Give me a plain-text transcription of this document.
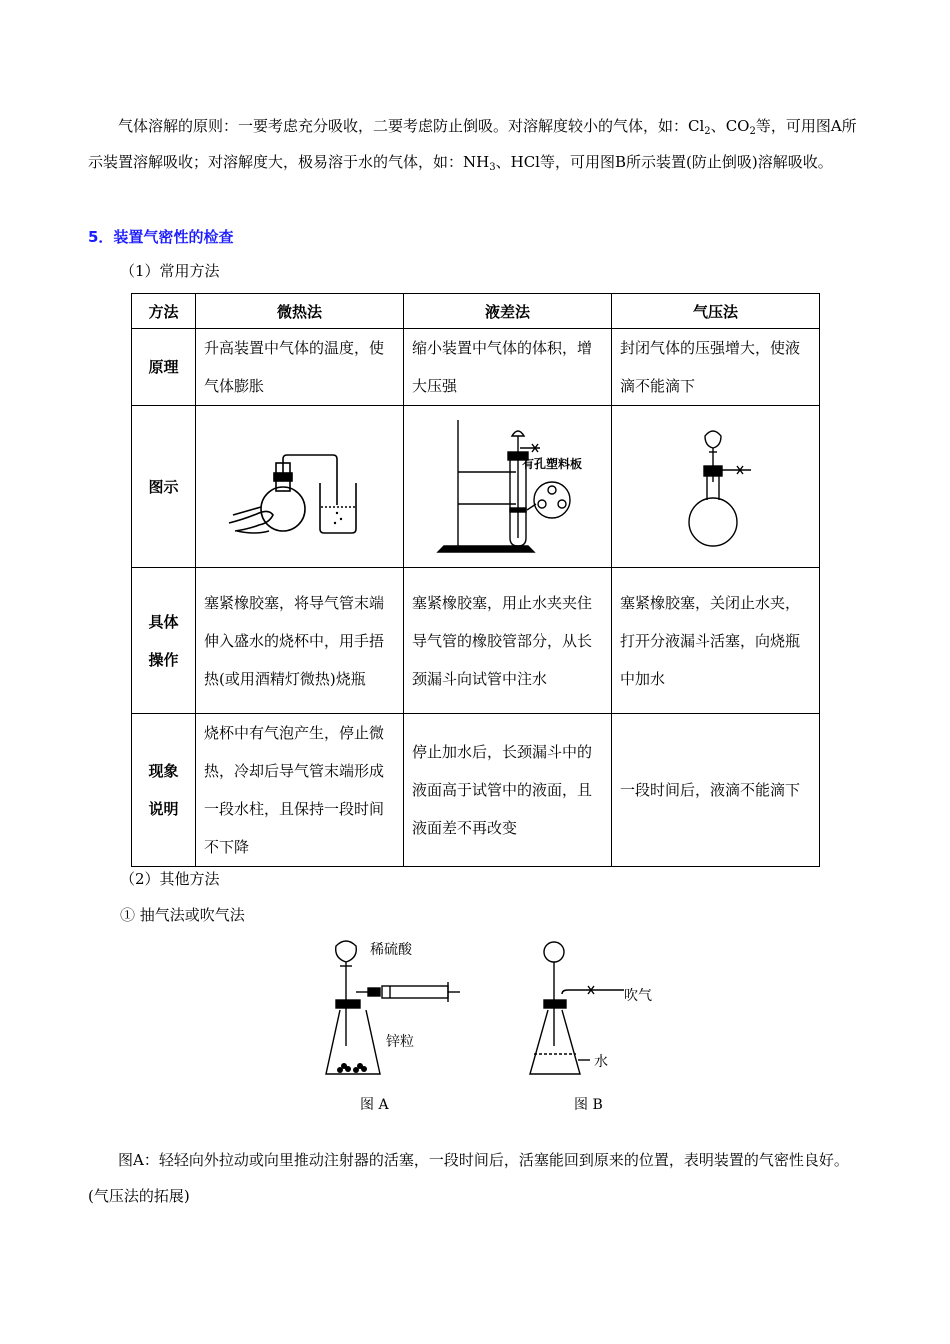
气体溶解的原则：一要考虑充分吸收，二要考虑防止倒吸。对溶解度较小的气体，如：$Cl_2$、$CO_2$等，可用图A所示装置溶解吸收；对溶解度大，极易溶于水的气体，如：$NH_3$、HCl等，可用图B所示装置(防止倒吸)溶解吸收。

5．装置气密性的检查
（1）常用方法
方法	微热法	液差法	气压法
原理	升高装置中气体的温度，使气体膨胀	缩小装置中气体的体积，增大压强	封闭气体的压强增大，使液滴不能滴下
图示		有孔塑料板

具体
操作	塞紧橡胶塞，将导气管末端伸入盛水的烧杯中，用手捂热(或用酒精灯微热)烧瓶	塞紧橡胶塞，用止水夹夹住导气管的橡胶管部分，从长颈漏斗向试管中注水	塞紧橡胶塞，关闭止水夹，打开分液漏斗活塞，向烧瓶中加水

现象
说明	烧杯中有气泡产生，停止微热，冷却后导气管末端形成一段水柱，且保持一段时间不下降	停止加水后，长颈漏斗中的液面高于试管中的液面，且液面差不再改变	一段时间后，液滴不能滴下
（2）其他方法
① 抽气法或吹气法
稀硫酸
锌粒
图 A
吹气
水
图 B

图A：轻轻向外拉动或向里推动注射器的活塞，一段时间后，活塞能回到原来的位置，表明装置的气密性良好。(气压法的拓展)
